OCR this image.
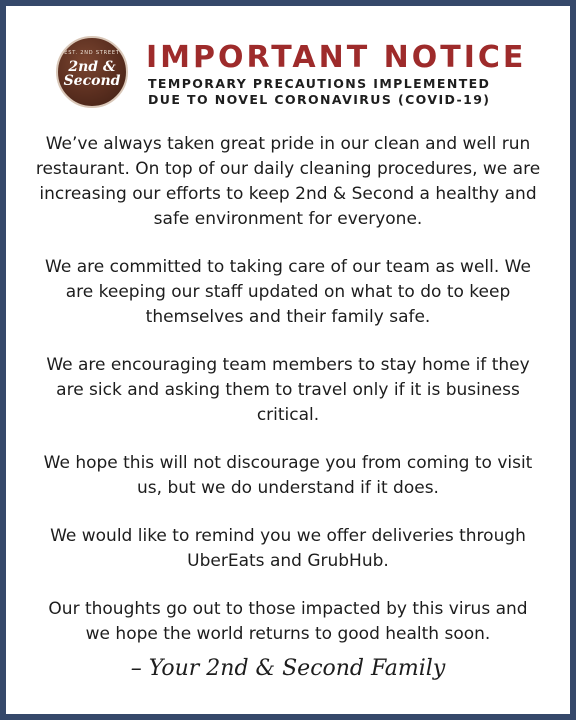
EST. 2ND STREET
2nd &
Second
IMPORTANT NOTICE
TEMPORARY PRECAUTIONS IMPLEMENTED
DUE TO NOVEL CORONAVIRUS (COVID-19)

We’ve always taken great pride in our clean and well run restaurant. On top of our daily cleaning procedures, we are increasing our efforts to keep 2nd & Second a healthy and safe environment for everyone.

We are committed to taking care of our team as well. We are keeping our staff updated on what to do to keep themselves and their family safe.

We are encouraging team members to stay home if they are sick and asking them to travel only if it is business critical.

We hope this will not discourage you from coming to visit us, but we do understand if it does.

We would like to remind you we offer deliveries through UberEats and GrubHub.

Our thoughts go out to those impacted by this virus and we hope the world returns to good health soon.

– Your 2nd & Second Family
